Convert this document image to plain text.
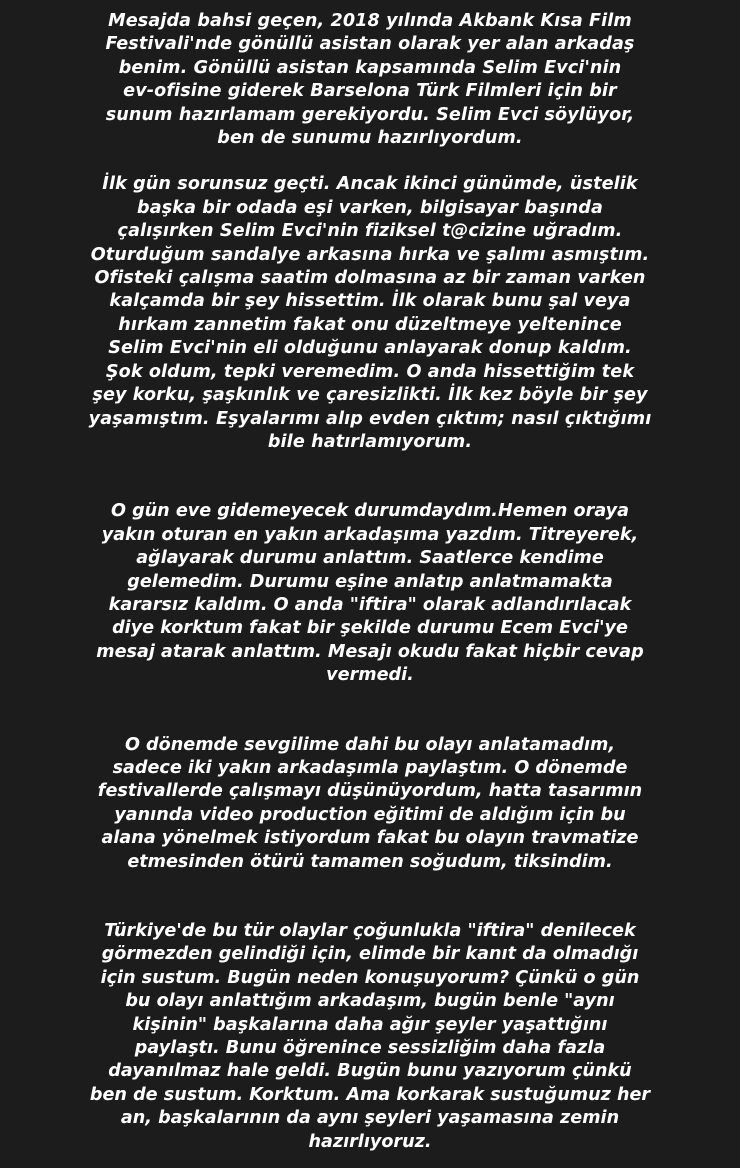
Mesajda bahsi geçen, 2018 yılında Akbank Kısa Film
Festivali'nde gönüllü asistan olarak yer alan arkadaş
benim. Gönüllü asistan kapsamında Selim Evci'nin
ev-ofisine giderek Barselona Türk Filmleri için bir
sunum hazırlamam gerekiyordu. Selim Evci söylüyor,
ben de sunumu hazırlıyordum.
İlk gün sorunsuz geçti. Ancak ikinci günümde, üstelik
başka bir odada eşi varken, bilgisayar başında
çalışırken Selim Evci'nin fiziksel t@cizine uğradım.
Oturduğum sandalye arkasına hırka ve şalımı asmıştım.
Ofisteki çalışma saatim dolmasına az bir zaman varken
kalçamda bir şey hissettim. İlk olarak bunu şal veya
hırkam zannetim fakat onu düzeltmeye yeltenince
Selim Evci'nin eli olduğunu anlayarak donup kaldım.
Şok oldum, tepki veremedim. O anda hissettiğim tek
şey korku, şaşkınlık ve çaresizlikti. İlk kez böyle bir şey
yaşamıştım. Eşyalarımı alıp evden çıktım; nasıl çıktığımı
bile hatırlamıyorum.
O gün eve gidemeyecek durumdaydım.Hemen oraya
yakın oturan en yakın arkadaşıma yazdım. Titreyerek,
ağlayarak durumu anlattım. Saatlerce kendime
gelemedim. Durumu eşine anlatıp anlatmamakta
kararsız kaldım. O anda "iftira" olarak adlandırılacak
diye korktum fakat bir şekilde durumu Ecem Evci'ye
mesaj atarak anlattım. Mesajı okudu fakat hiçbir cevap
vermedi.
O dönemde sevgilime dahi bu olayı anlatamadım,
sadece iki yakın arkadaşımla paylaştım. O dönemde
festivallerde çalışmayı düşünüyordum, hatta tasarımın
yanında video production eğitimi de aldığım için bu
alana yönelmek istiyordum fakat bu olayın travmatize
etmesinden ötürü tamamen soğudum, tiksindim.
Türkiye'de bu tür olaylar çoğunlukla "iftira" denilecek
görmezden gelindiği için, elimde bir kanıt da olmadığı
için sustum. Bugün neden konuşuyorum? Çünkü o gün
bu olayı anlattığım arkadaşım, bugün benle "aynı
kişinin" başkalarına daha ağır şeyler yaşattığını
paylaştı. Bunu öğrenince sessizliğim daha fazla
dayanılmaz hale geldi. Bugün bunu yazıyorum çünkü
ben de sustum. Korktum. Ama korkarak sustuğumuz her
an, başkalarının da aynı şeyleri yaşamasına zemin
hazırlıyoruz.
